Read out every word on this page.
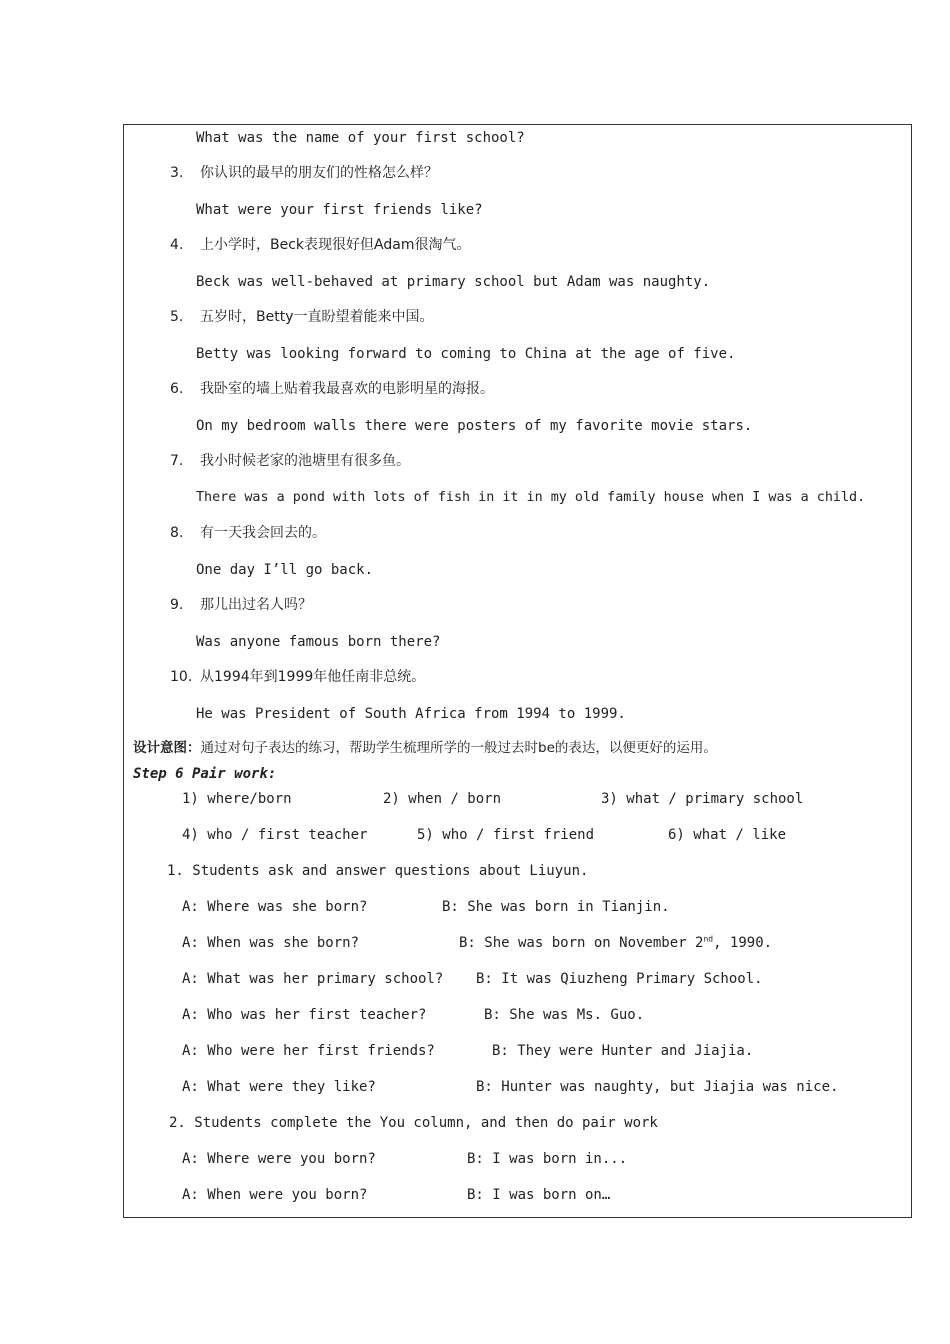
What was the name of your first school?
3. 你认识的最早的朋友们的性格怎么样？
What were your first friends like?
4. 上小学时，Beck表现很好但Adam很淘气。
Beck was well-behaved at primary school but Adam was naughty.
5. 五岁时，Betty一直盼望着能来中国。
Betty was looking forward to coming to China at the age of five.
6. 我卧室的墙上贴着我最喜欢的电影明星的海报。
On my bedroom walls there were posters of my favorite movie stars.
7. 我小时候老家的池塘里有很多鱼。
There was a pond with lots of fish in it in my old family house when I was a child.
8. 有一天我会回去的。
One day I’ll go back.
9. 那儿出过名人吗？
Was anyone famous born there?
10. 从1994年到1999年他任南非总统。
He was President of South Africa from 1994 to 1999.
设计意图：通过对句子表达的练习，帮助学生梳理所学的一般过去时be的表达，以便更好的运用。
Step 6 Pair work:
1) where/born	2) when / born	3) what / primary school
4) who / first teacher	5) who / first friend	6) what / like
1. Students ask and answer questions about Liuyun.
A: Where was she born?	B: She was born in Tianjin.
A: When was she born?	B: She was born on November 2nd, 1990.
A: What was her primary school? B: It was Qiuzheng Primary School.
A: Who was her first teacher?	B: She was Ms. Guo.
A: Who were her first friends?	B: They were Hunter and Jiajia.
A: What were they like?	B: Hunter was naughty, but Jiajia was nice.
2. Students complete the You column, and then do pair work
A: Where were you born?	B: I was born in...
A: When were you born?	B: I was born on…
